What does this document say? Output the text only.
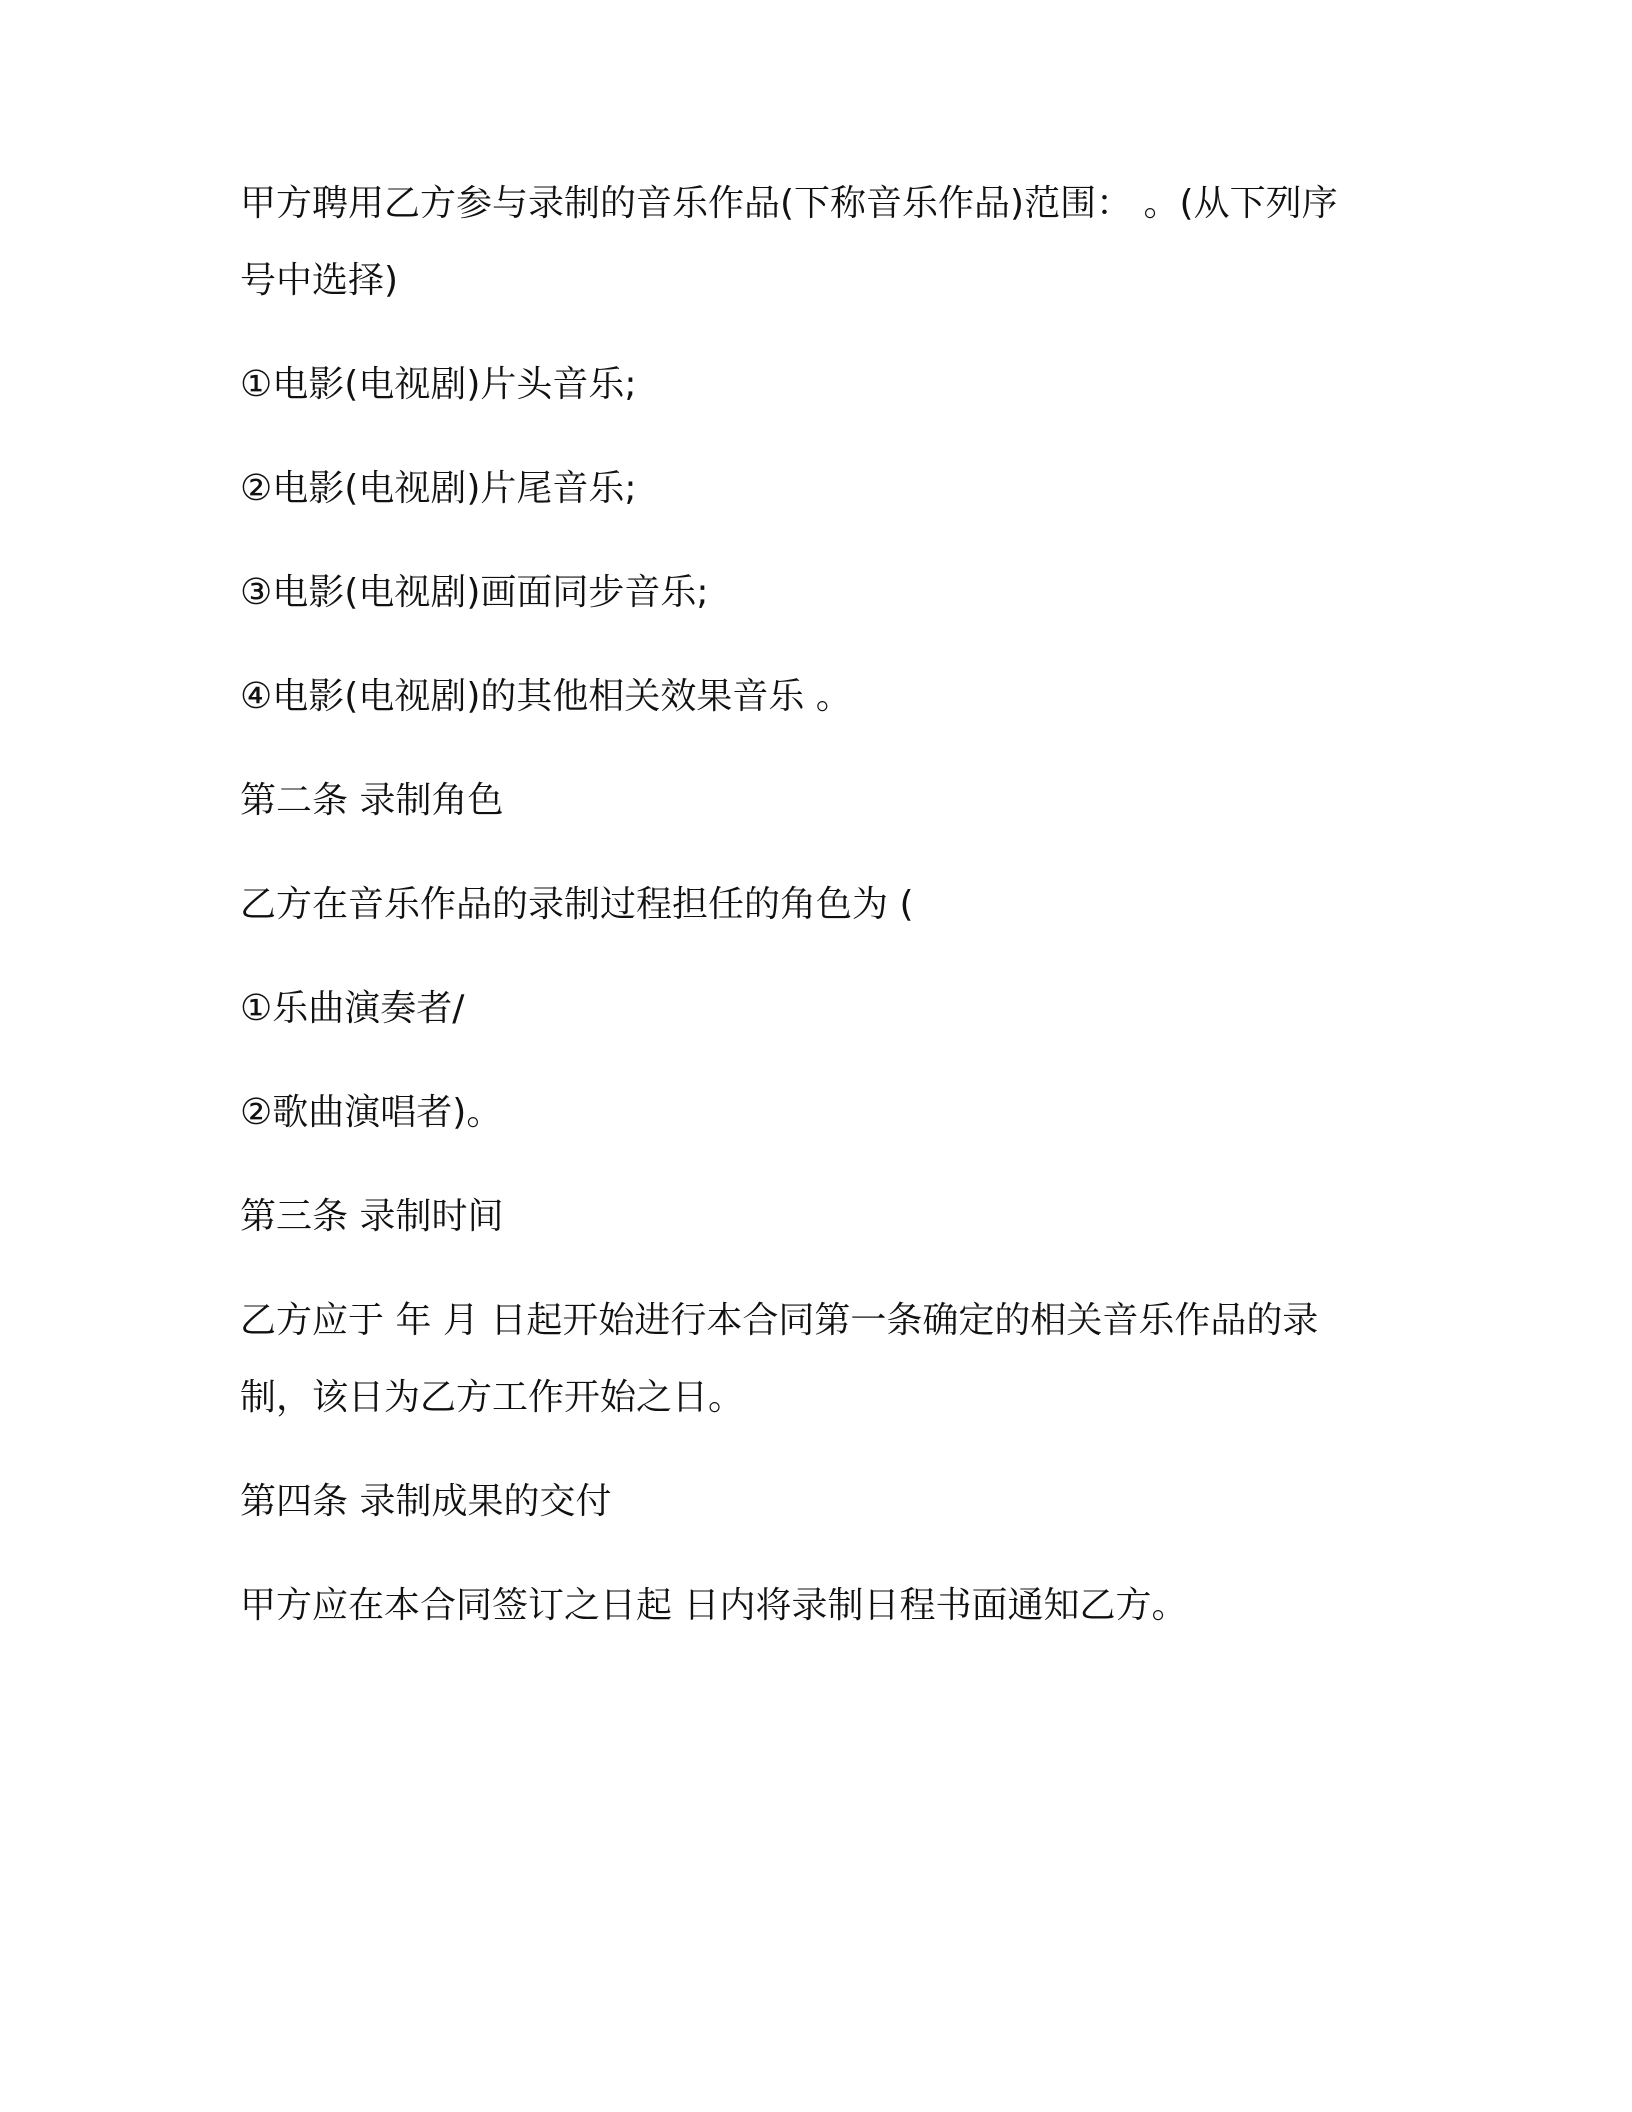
甲方聘用乙方参与录制的音乐作品(下称音乐作品)范围： 。(从下列序
号中选择)

①电影(电视剧)片头音乐;

②电影(电视剧)片尾音乐;

③电影(电视剧)画面同步音乐;

④电影(电视剧)的其他相关效果音乐 。

第二条 录制角色

乙方在音乐作品的录制过程担任的角色为 (

①乐曲演奏者/

②歌曲演唱者)。

第三条 录制时间

乙方应于 年 月 日起开始进行本合同第一条确定的相关音乐作品的录
制，该日为乙方工作开始之日。

第四条 录制成果的交付

甲方应在本合同签订之日起 日内将录制日程书面通知乙方。
